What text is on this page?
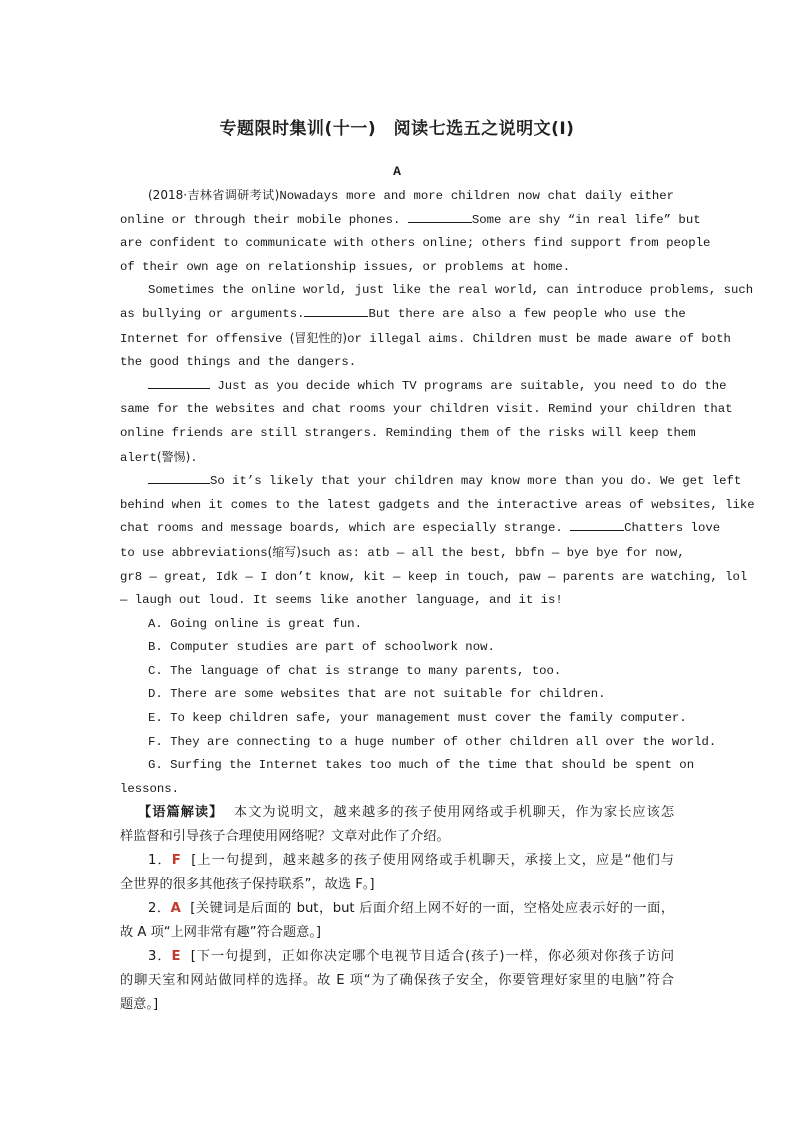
专题限时集训(十一)　阅读七选五之说明文(Ⅰ)
A
(2018·吉林省调研考试)Nowadays more and more children now chat daily either
online or through their mobile phones.	Some are shy “in real life” but
are confident to communicate with others online; others find support from people
of their own age on relationship issues, or problems at home.
Sometimes the online world, just like the real world, can introduce problems, such
as bullying or arguments.	But there are also a few people who use the
Internet for offensive (冒犯性的)or illegal aims. Children must be made aware of both
the good things and the dangers.
Just as you decide which TV programs are suitable, you need to do the
same for the websites and chat rooms your children visit. Remind your children that
online friends are still strangers. Reminding them of the risks will keep them
alert(警惕).
So it’s likely that your children may know more than you do. We get left
behind when it comes to the latest gadgets and the interactive areas of websites, like
chat rooms and message boards, which are especially strange.	Chatters love
to use abbreviations(缩写)such as: atb — all the best, bbfn — bye bye for now,
gr8 — great, Idk — I don’t know, kit — keep in touch, paw — parents are watching, lol
— laugh out loud. It seems like another language, and it is!
A. Going online is great fun.
B. Computer studies are part of schoolwork now.
C. The language of chat is strange to many parents, too.
D. There are some websites that are not suitable for children.
E. To keep children safe, your management must cover the family computer.
F. They are connecting to a huge number of other children all over the world.
G. Surfing the Internet takes too much of the time that should be spent on
lessons.
【语篇解读】 本文为说明文，越来越多的孩子使用网络或手机聊天，作为家长应该怎
样监督和引导孩子合理使用网络呢？文章对此作了介绍。
1．F [上一句提到，越来越多的孩子使用网络或手机聊天，承接上文，应是“他们与
全世界的很多其他孩子保持联系”，故选 F。]
2．A [关键词是后面的 but，but 后面介绍上网不好的一面，空格处应表示好的一面，
故 A 项“上网非常有趣”符合题意。]
3．E [下一句提到，正如你决定哪个电视节目适合(孩子)一样，你必须对你孩子访问
的聊天室和网站做同样的选择。故 E 项“为了确保孩子安全，你要管理好家里的电脑”符合
题意。]
